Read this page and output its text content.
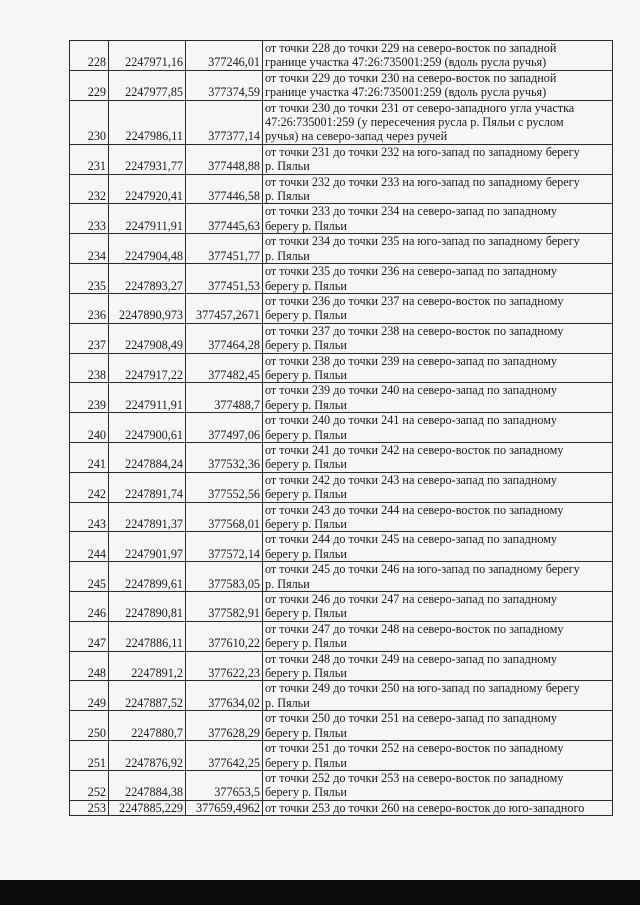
228	2247971,16	377246,01	от точки 228 до точки 229 на северо-восток по западной
границе участка 47:26:735001:259 (вдоль русла ручья)

229	2247977,85	377374,59	от точки 229 до точки 230 на северо-восток по западной
границе участка 47:26:735001:259 (вдоль русла ручья)

230	2247986,11	377377,14	от точки 230 до точки 231 от северо-западного угла участка
47:26:735001:259 (у пересечения русла р. Пяльи с руслом
ручья) на северо-запад через ручей

231	2247931,77	377448,88	от точки 231 до точки 232 на юго-запад по западному берегу
р. Пяльи

232	2247920,41	377446,58	от точки 232 до точки 233 на юго-запад по западному берегу
р. Пяльи

233	2247911,91	377445,63	от точки 233 до точки 234 на северо-запад по западному
берегу р. Пяльи

234	2247904,48	377451,77	от точки 234 до точки 235 на юго-запад по западному берегу
р. Пяльи

235	2247893,27	377451,53	от точки 235 до точки 236 на северо-запад по западному
берегу р. Пяльи

236	2247890,973	377457,2671	от точки 236 до точки 237 на северо-восток по западному
берегу р. Пяльи

237	2247908,49	377464,28	от точки 237 до точки 238 на северо-восток по западному
берегу р. Пяльи

238	2247917,22	377482,45	от точки 238 до точки 239 на северо-запад по западному
берегу р. Пяльи

239	2247911,91	377488,7	от точки 239 до точки 240 на северо-запад по западному
берегу р. Пяльи

240	2247900,61	377497,06	от точки 240 до точки 241 на северо-запад по западному
берегу р. Пяльи

241	2247884,24	377532,36	от точки 241 до точки 242 на северо-восток по западному
берегу р. Пяльи

242	2247891,74	377552,56	от точки 242 до точки 243 на северо-запад по западному
берегу р. Пяльи

243	2247891,37	377568,01	от точки 243 до точки 244 на северо-восток по западному
берегу р. Пяльи

244	2247901,97	377572,14	от точки 244 до точки 245 на северо-запад по западному
берегу р. Пяльи

245	2247899,61	377583,05	от точки 245 до точки 246 на юго-запад по западному берегу
р. Пяльи

246	2247890,81	377582,91	от точки 246 до точки 247 на северо-запад по западному
берегу р. Пяльи

247	2247886,11	377610,22	от точки 247 до точки 248 на северо-восток по западному
берегу р. Пяльи

248	2247891,2	377622,23	от точки 248 до точки 249 на северо-запад по западному
берегу р. Пяльи

249	2247887,52	377634,02	от точки 249 до точки 250 на юго-запад по западному берегу
р. Пяльи

250	2247880,7	377628,29	от точки 250 до точки 251 на северо-запад по западному
берегу р. Пяльи

251	2247876,92	377642,25	от точки 251 до точки 252 на северо-восток по западному
берегу р. Пяльи

252	2247884,38	377653,5	от точки 252 до точки 253 на северо-восток по западному
берегу р. Пяльи

253	2247885,229	377659,4962	от точки 253 до точки 260 на северо-восток до юго-западного
